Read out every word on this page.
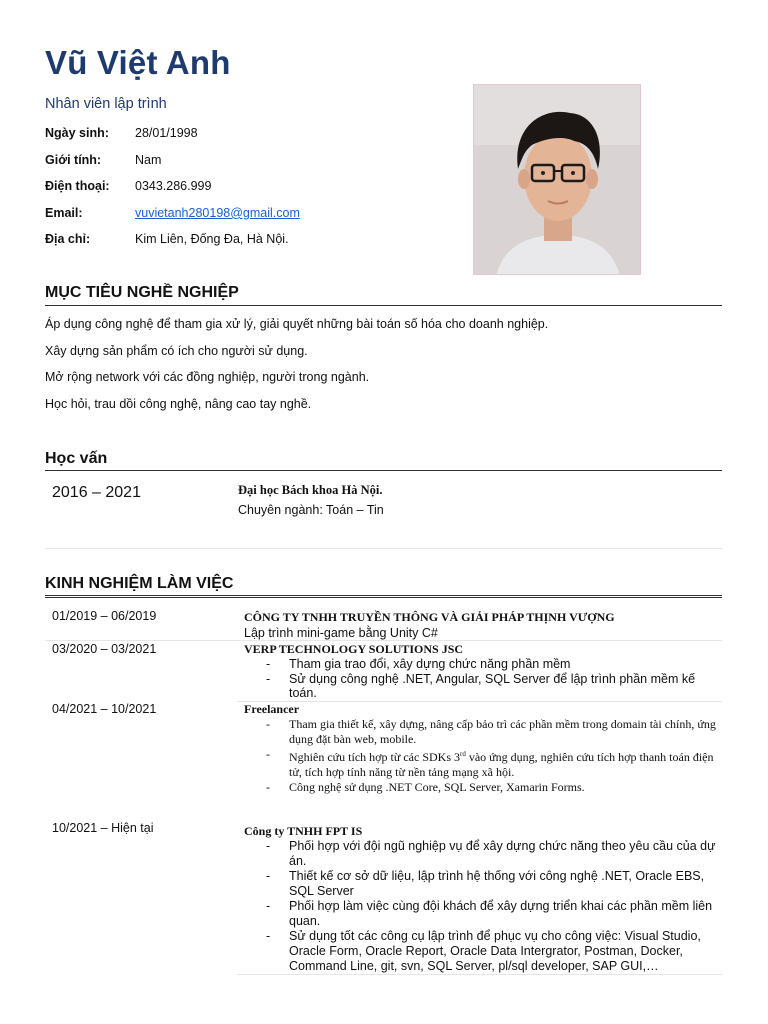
Vũ Việt Anh
Nhân viên lập trình
Ngày sinh:	28/01/1998
Giới tính:	Nam
Điện thoại:	0343.286.999
Email:	vuvietanh280198@gmail.com
Địa chỉ:	Kim Liên, Đống Đa, Hà Nội.
MỤC TIÊU NGHỀ NGHIỆP

Áp dụng công nghệ để tham gia xử lý, giải quyết những bài toán số hóa cho doanh nghiệp.

Xây dựng sản phẩm có ích cho người sử dụng.

Mở rộng network với các đồng nghiệp, người trong ngành.

Học hỏi, trau dồi công nghệ, nâng cao tay nghề.

Học vấn
2016 – 2021	Đại học Bách khoa Hà Nội.
Chuyên ngành: Toán – Tin
KINH NGHIỆM LÀM VIỆC
01/2019 – 06/2019	CÔNG TY TNHH TRUYỀN THÔNG VÀ GIẢI PHÁP THỊNH VƯỢNG
Lập trình mini-game bằng Unity C#
03/2020 – 03/2021	VERP TECHNOLOGY SOLUTIONS JSC
- Tham gia trao đổi, xây dựng chức năng phần mềm
- Sử dụng công nghệ .NET, Angular, SQL Server để lập trình phần mềm kế toán.
04/2021 – 10/2021	Freelancer
- Tham gia thiết kế, xây dựng, nâng cấp bảo trì các phần mềm trong domain tài chính, ứng dụng đặt bàn web, mobile.
- Nghiên cứu tích hợp từ các SDKs 3rd vào ứng dụng, nghiên cứu tích hợp thanh toán điện tử, tích hợp tính năng từ nền tảng mạng xã hội.
- Công nghệ sử dụng .NET Core, SQL Server, Xamarin Forms.
10/2021 – Hiện tại	Công ty TNHH FPT IS
- Phối hợp với đội ngũ nghiệp vụ để xây dựng chức năng theo yêu cầu của dự án.
- Thiết kế cơ sở dữ liệu, lập trình hệ thống với công nghệ .NET, Oracle EBS, SQL Server
- Phối hợp làm việc cùng đội khách để xây dựng triển khai các phần mềm liên quan.
- Sử dụng tốt các công cụ lập trình để phục vụ cho công việc: Visual Studio, Oracle Form, Oracle Report, Oracle Data Intergrator, Postman, Docker, Command Line, git, svn, SQL Server, pl/sql developer, SAP GUI,…
